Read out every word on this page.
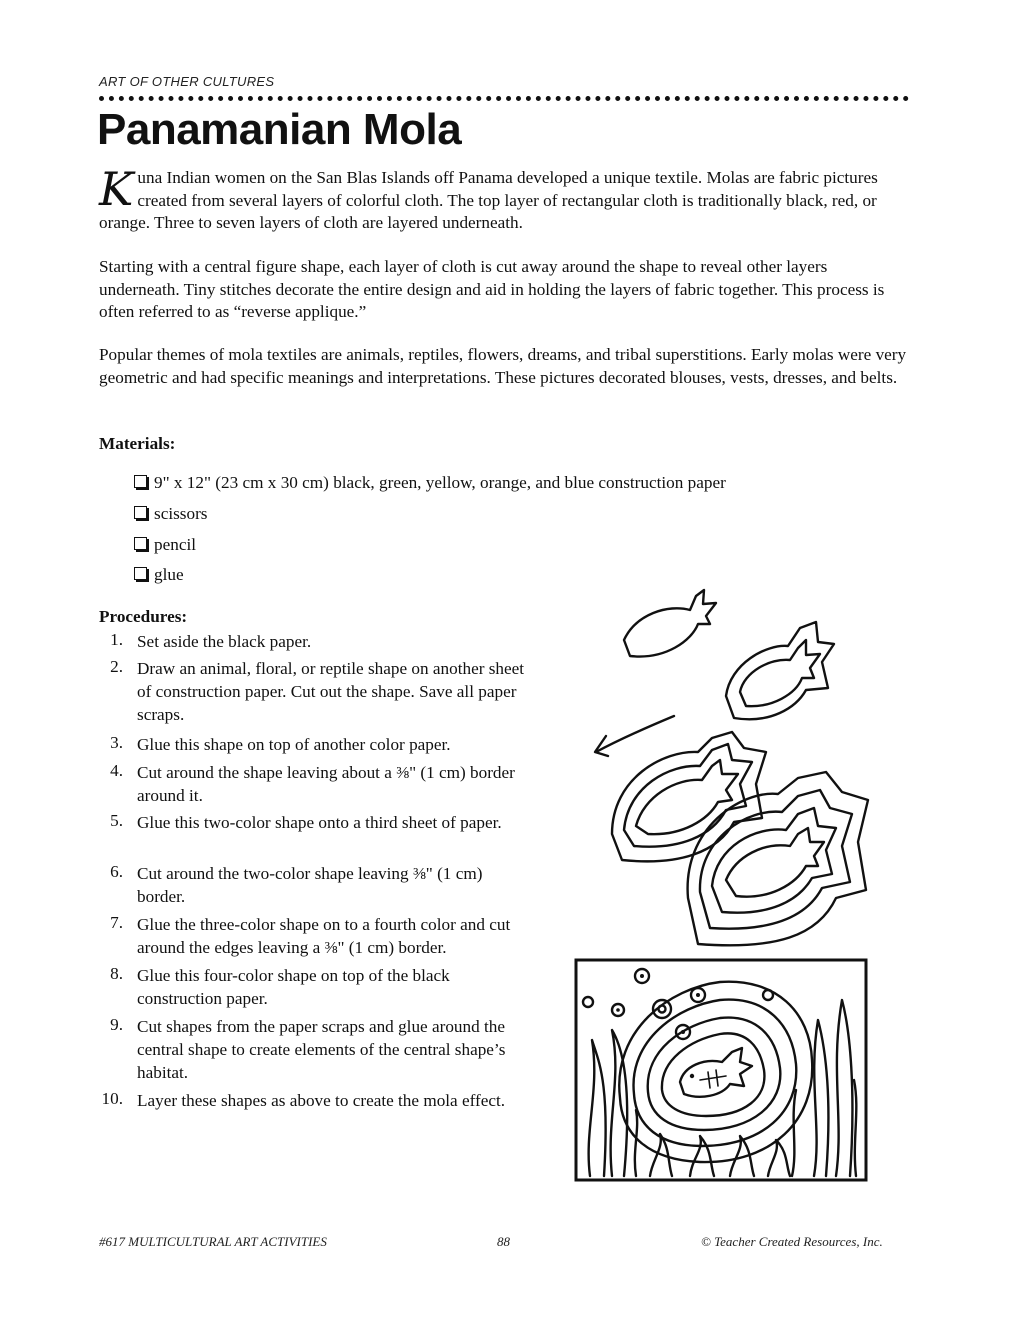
ART OF OTHER CULTURES
Panamanian Mola

Kuna Indian women on the San Blas Islands off Panama developed a unique textile. Molas are fabric pictures created from several layers of colorful cloth. The top layer of rectangular cloth is traditionally black, red, or orange. Three to seven layers of cloth are layered underneath.

Starting with a central figure shape, each layer of cloth is cut away around the shape to reveal other layers underneath. Tiny stitches decorate the entire design and aid in holding the layers of fabric together. This process is often referred to as “reverse applique.”

Popular themes of mola textiles are animals, reptiles, flowers, dreams, and tribal superstitions. Early molas were very geometric and had specific meanings and interpretations. These pictures decorated blouses, vests, dresses, and belts.

Materials:
9" x 12" (23 cm x 30 cm) black, green, yellow, orange, and blue construction paper
scissors
pencil
glue
Procedures:
1. Set aside the black paper.

2. Draw an animal, floral, or reptile shape on another sheet of construction paper. Cut out the shape. Save all paper scraps.

3. Glue this shape on top of another color paper.

4. Cut around the shape leaving about a ⅜" (1 cm) border around it.

5. Glue this two-color shape onto a third sheet of paper.

6. Cut around the two-color shape leaving ⅜" (1 cm) border.

7. Glue the three-color shape on to a fourth color and cut around the edges leaving a ⅜" (1 cm) border.

8. Glue this four-color shape on top of the black construction paper.

9. Cut shapes from the paper scraps and glue around the central shape to create elements of the central shape’s habitat.

10. Layer these shapes as above to create the mola effect.

#617 MULTICULTURAL ART ACTIVITIES	88	© Teacher Created Resources, Inc.
